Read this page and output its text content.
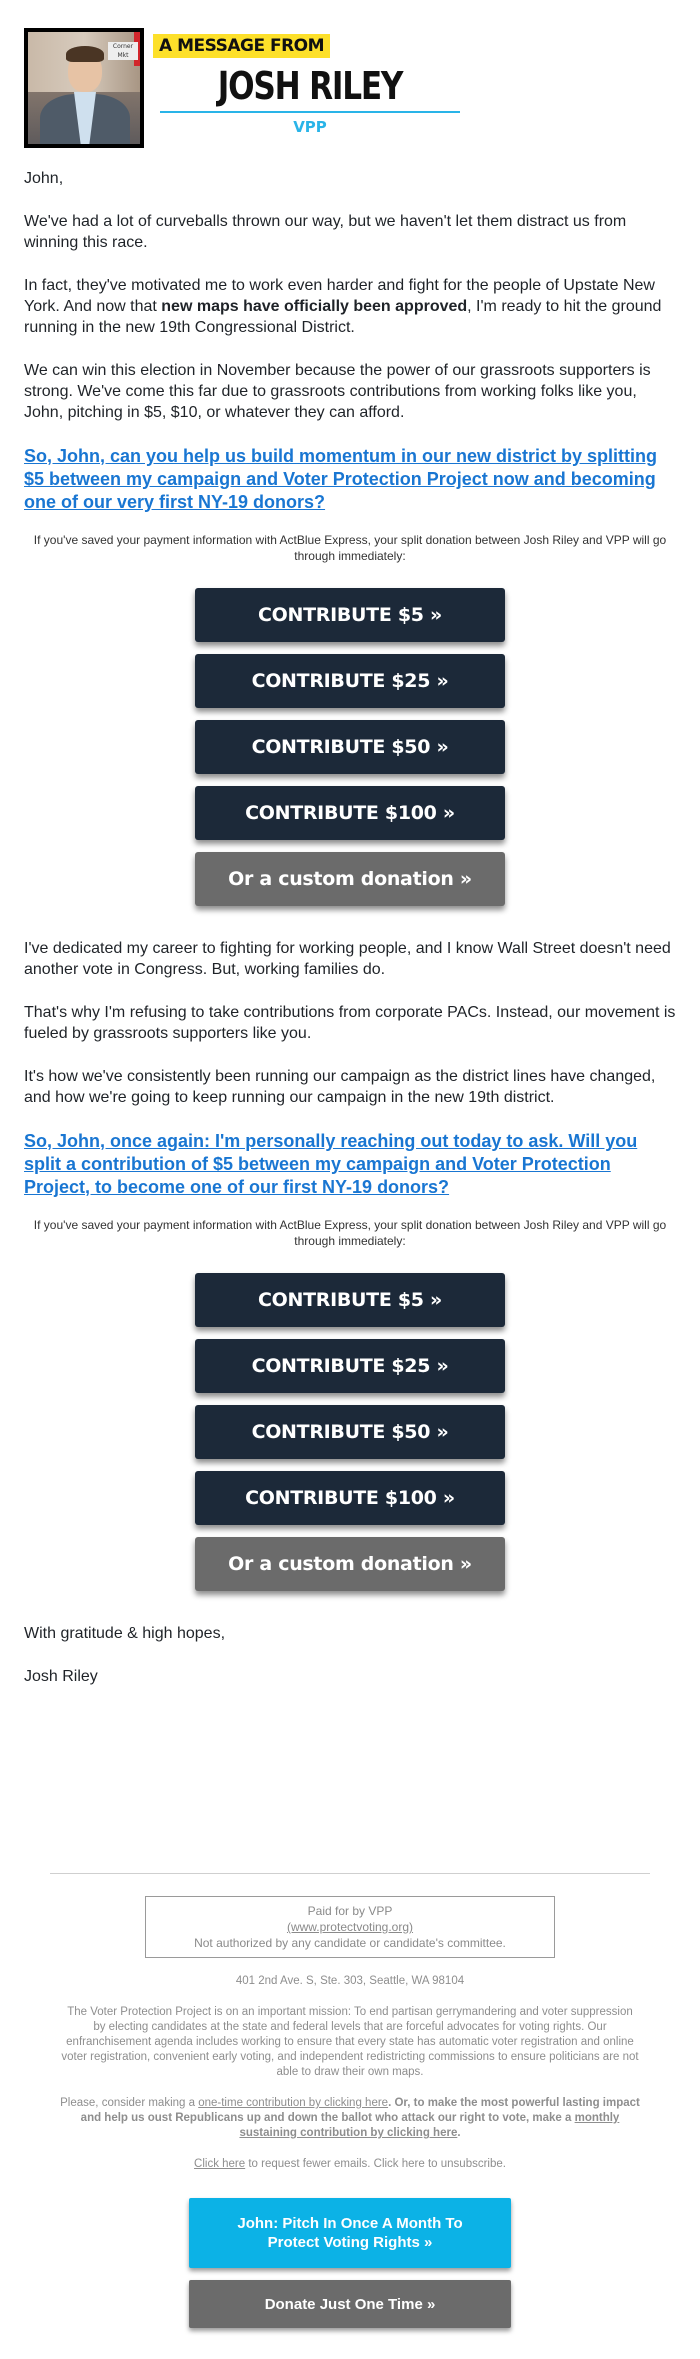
Corner Mkt	A MESSAGE FROM
JOSH RILEY
VPP

John,

We've had a lot of curveballs thrown our way, but we haven't let them distract us from winning this race.

In fact, they've motivated me to work even harder and fight for the people of Upstate New York. And now that new maps have officially been approved, I'm ready to hit the ground running in the new 19th Congressional District.

We can win this election in November because the power of our grassroots supporters is strong. We've come this far due to grassroots contributions from working folks like you, John, pitching in $5, $10, or whatever they can afford.

So, John, can you help us build momentum in our new district by splitting $5 between my campaign and Voter Protection Project now and becoming one of our very first NY-19 donors?

If you've saved your payment information with ActBlue Express, your split donation between Josh Riley and VPP will go through immediately:

CONTRIBUTE $5 »
CONTRIBUTE $25 »
CONTRIBUTE $50 »
CONTRIBUTE $100 »
Or a custom donation »

I've dedicated my career to fighting for working people, and I know Wall Street doesn't need another vote in Congress. But, working families do.

That's why I'm refusing to take contributions from corporate PACs. Instead, our movement is fueled by grassroots supporters like you.

It's how we've consistently been running our campaign as the district lines have changed, and how we're going to keep running our campaign in the new 19th district.

So, John, once again: I'm personally reaching out today to ask. Will you split a contribution of $5 between my campaign and Voter Protection Project, to become one of our first NY-19 donors?

If you've saved your payment information with ActBlue Express, your split donation between Josh Riley and VPP will go through immediately:

CONTRIBUTE $5 »
CONTRIBUTE $25 »
CONTRIBUTE $50 »
CONTRIBUTE $100 »
Or a custom donation »

With gratitude & high hopes,

Josh Riley

Paid for by VPP
(www.protectvoting.org)
Not authorized by any candidate or candidate's committee.
401 2nd Ave. S, Ste. 303, Seattle, WA 98104
The Voter Protection Project is on an important mission: To end partisan gerrymandering and voter suppression by electing candidates at the state and federal levels that are forceful advocates for voting rights. Our enfranchisement agenda includes working to ensure that every state has automatic voter registration and online voter registration, convenient early voting, and independent redistricting commissions to ensure politicians are not able to draw their own maps.
Please, consider making a one-time contribution by clicking here. Or, to make the most powerful lasting impact and help us oust Republicans up and down the ballot who attack our right to vote, make a monthly sustaining contribution by clicking here.
Click here to request fewer emails. Click here to unsubscribe.
John: Pitch In Once A Month To Protect Voting Rights »
Donate Just One Time »
